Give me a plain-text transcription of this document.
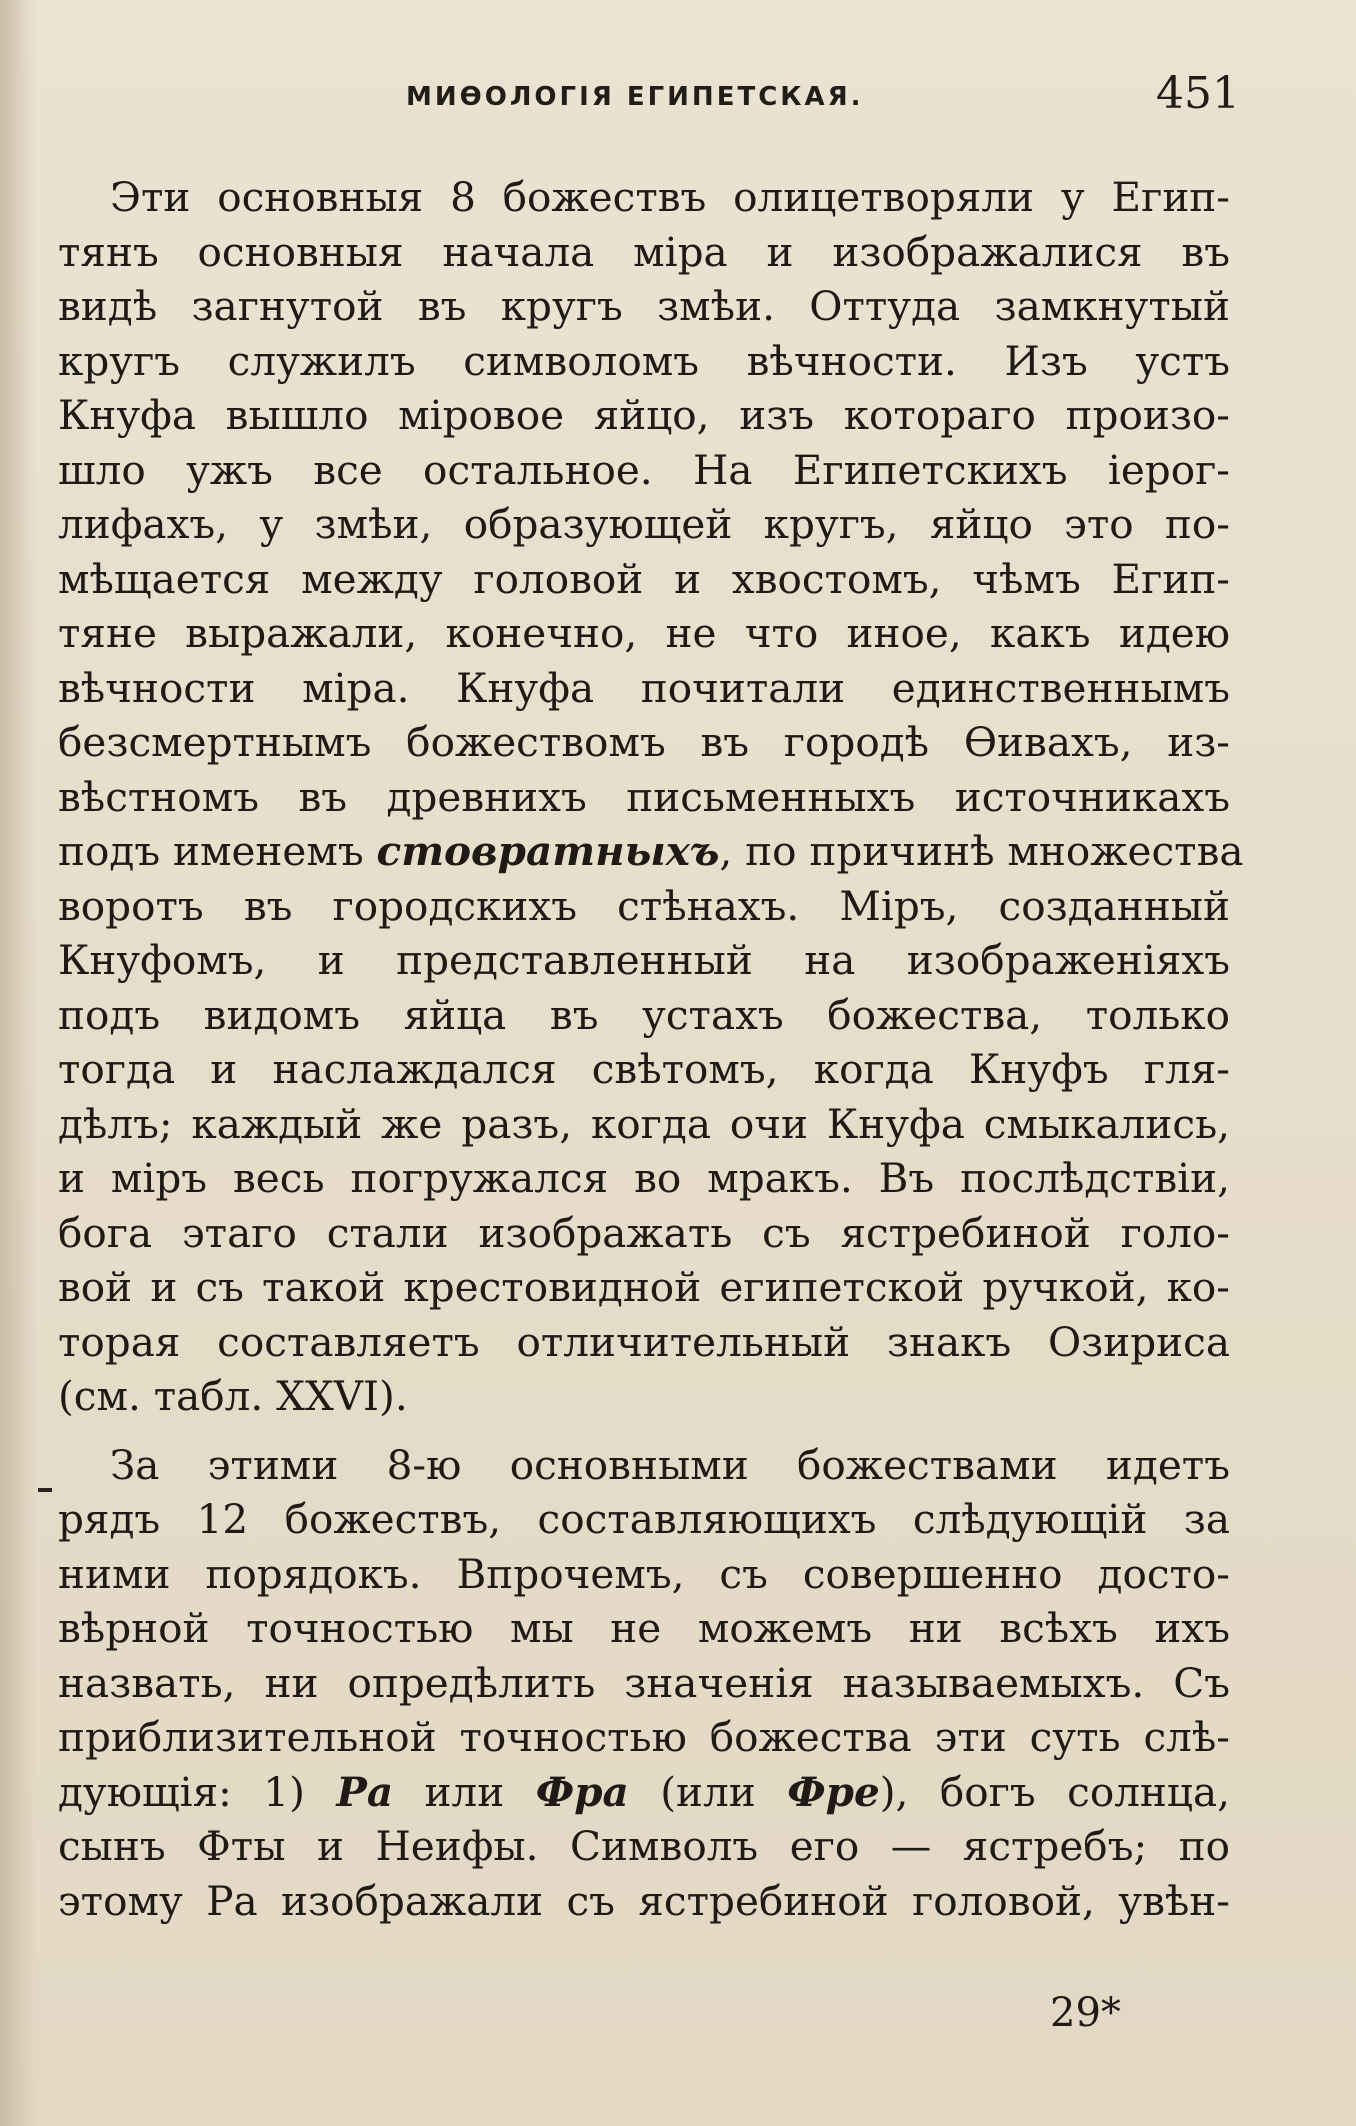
МИѲОЛОГІЯ ЕГИПЕТСКАЯ.	451
Эти основныя 8 божествъ олицетворяли у Егип-
тянъ основныя начала міра и изображалися въ
видѣ загнутой въ кругъ змѣи. Оттуда замкнутый
кругъ служилъ символомъ вѣчности. Изъ устъ
Кнуфа вышло міровое яйцо, изъ котораго произо-
шло ужъ все остальное. На Египетскихъ іерог-
лифахъ, у змѣи, образующей кругъ, яйцо это по-
мѣщается между головой и хвостомъ, чѣмъ Егип-
тяне выражали, конечно, не что иное, какъ идею
вѣчности міра. Кнуфа почитали единственнымъ
безсмертнымъ божествомъ въ городѣ Ѳивахъ, из-
вѣстномъ въ древнихъ письменныхъ источникахъ
подъ именемъ стовратныхъ, по причинѣ множества
воротъ въ городскихъ стѣнахъ. Міръ, созданный
Кнуфомъ, и представленный на изображеніяхъ
подъ видомъ яйца въ устахъ божества, только
тогда и наслаждался свѣтомъ, когда Кнуфъ гля-
дѣлъ; каждый же разъ, когда очи Кнуфа смыкались,
и міръ весь погружался во мракъ. Въ послѣдствіи,
бога этаго стали изображать съ ястребиной голо-
вой и съ такой крестовидной египетской ручкой, ко-
торая составляетъ отличительный знакъ Озириса
(см. табл. XXVI).
За этими 8-ю основными божествами идетъ
рядъ 12 божествъ, составляющихъ слѣдующій за
ними порядокъ. Впрочемъ, съ совершенно досто-
вѣрной точностью мы не можемъ ни всѣхъ ихъ
назвать, ни опредѣлить значенія называемыхъ. Съ
приблизительной точностью божества эти суть слѣ-
дующія: 1) Ра или Фра (или Фре), богъ солнца,
сынъ Фты и Неифы. Символъ его — ястребъ; по
этому Ра изображали съ ястребиной головой, увѣн-
29*
